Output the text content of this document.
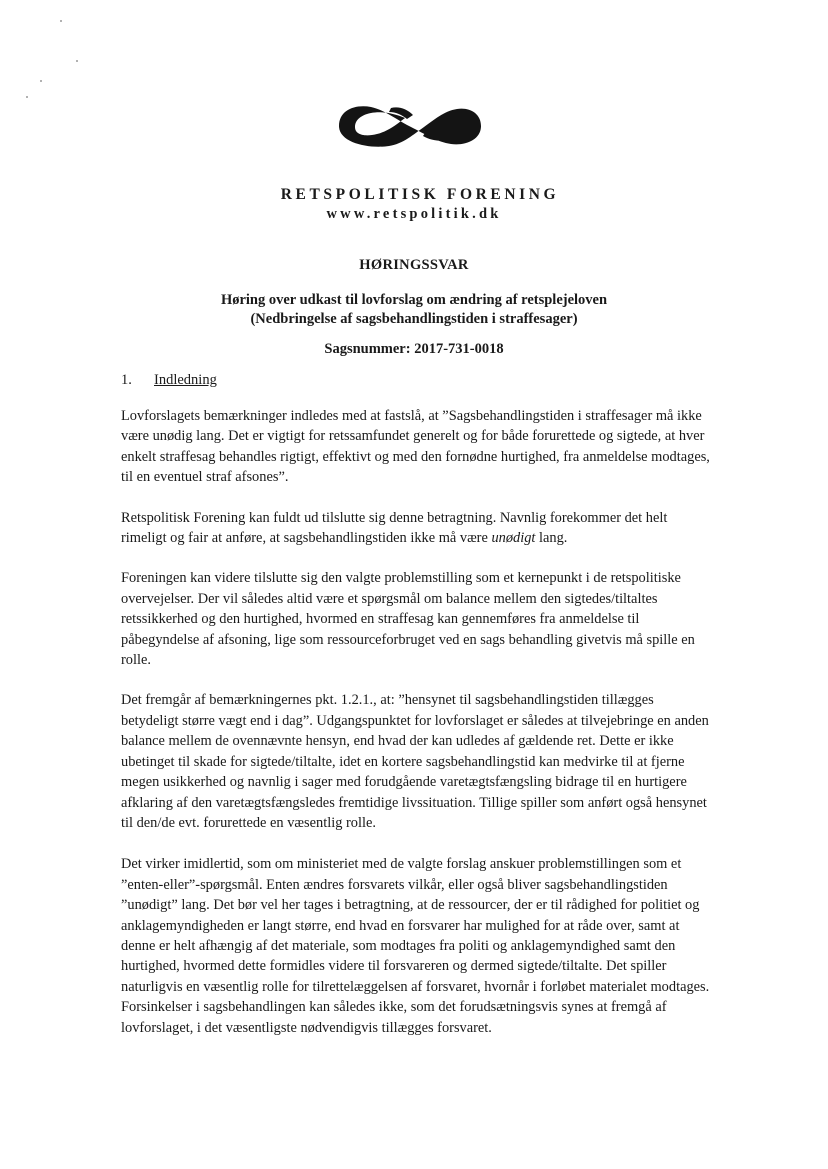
RETSPOLITISK FORENING
www.retspolitik.dk
HØRINGSSVAR
Høring over udkast til lovforslag om ændring af retsplejeloven
(Nedbringelse af sagsbehandlingstiden i straffesager)
Sagsnummer: 2017-731-0018
1. Indledning

Lovforslagets bemærkninger indledes med at fastslå, at ”Sagsbehandlingstiden i straffesager må ikke være unødig lang. Det er vigtigt for retssamfundet generelt og for både forurettede og sigtede, at hver enkelt straffesag behandles rigtigt, effektivt og med den fornødne hurtighed, fra anmeldelse modtages, til en eventuel straf afsones”.

Retspolitisk Forening kan fuldt ud tilslutte sig denne betragtning. Navnlig forekommer det helt rimeligt og fair at anføre, at sagsbehandlingstiden ikke må være unødigt lang.

Foreningen kan videre tilslutte sig den valgte problemstilling som et kernepunkt i de retspolitiske overvejelser. Der vil således altid være et spørgsmål om balance mellem den sigtedes/tiltaltes retssikkerhed og den hurtighed, hvormed en straffesag kan gennemføres fra anmeldelse til påbegyndelse af afsoning, lige som ressourceforbruget ved en sags behandling givetvis må spille en rolle.

Det fremgår af bemærkningernes pkt. 1.2.1., at: ”hensynet til sagsbehandlingstiden tillægges betydeligt større vægt end i dag”. Udgangspunktet for lovforslaget er således at tilvejebringe en anden balance mellem de ovennævnte hensyn, end hvad der kan udledes af gældende ret. Dette er ikke ubetinget til skade for sigtede/tiltalte, idet en kortere sagsbehandlingstid kan medvirke til at fjerne megen usikkerhed og navnlig i sager med forudgående varetægtsfængsling bidrage til en hurtigere afklaring af den varetægtsfængsledes fremtidige livssituation. Tillige spiller som anført også hensynet til den/de evt. forurettede en væsentlig rolle.

Det virker imidlertid, som om ministeriet med de valgte forslag anskuer problemstillingen som et ”enten-eller”-spørgsmål. Enten ændres forsvarets vilkår, eller også bliver sagsbehandlingstiden ”unødigt” lang. Det bør vel her tages i betragtning, at de ressourcer, der er til rådighed for politiet og anklagemyndigheden er langt større, end hvad en forsvarer har mulighed for at råde over, samt at denne er helt afhængig af det materiale, som modtages fra politi og anklagemyndighed samt den hurtighed, hvormed dette formidles videre til forsvareren og dermed sigtede/tiltalte. Det spiller naturligvis en væsentlig rolle for tilrettelæggelsen af forsvaret, hvornår i forløbet materialet modtages. Forsinkelser i sagsbehandlingen kan således ikke, som det forudsætningsvis synes at fremgå af lovforslaget, i det væsentligste nødvendigvis tillægges forsvaret.
